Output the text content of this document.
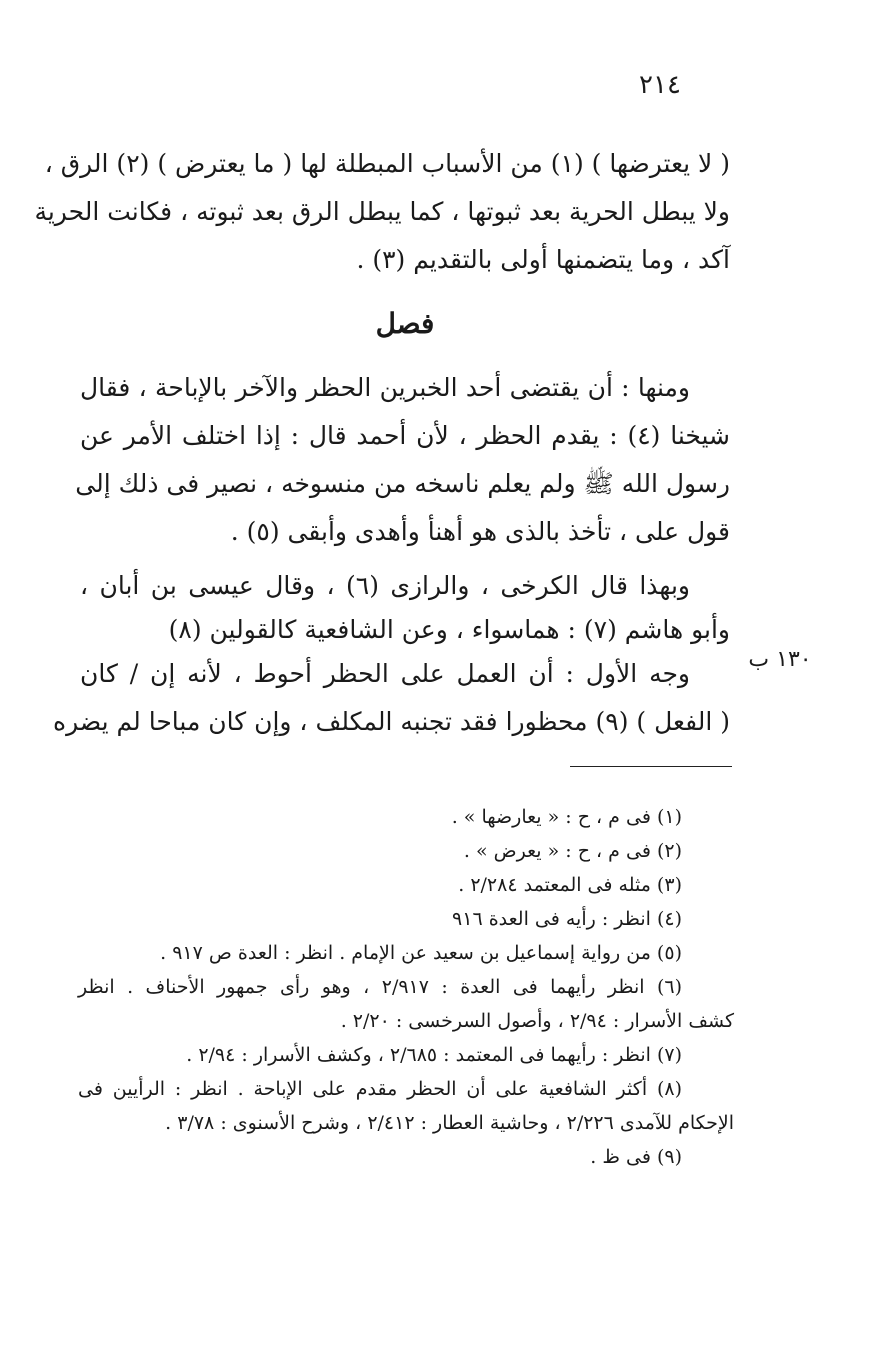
٢١٤
( لا يعترضها ) (١) من الأسباب المبطلة لها ( ما يعترض ) (٢) الرق ،
ولا يبطل الحرية بعد ثبوتها ، كما يبطل الرق بعد ثبوته ، فكانت الحرية
آكد ، وما يتضمنها أولى بالتقديم (٣) .
فصل
ومنها : أن يقتضى أحد الخبرين الحظر والآخر بالإباحة ، فقال
شيخنا (٤) : يقدم الحظر ، لأن أحمد قال : إذا اختلف الأمر عن
رسول الله ﷺ ولم يعلم ناسخه من منسوخه ، نصير فى ذلك إلى
قول على ، تأخذ بالذى هو أهنأ وأهدى وأبقى (٥) .
وبهذا قال الكرخى ، والرازى (٦) ، وقال عيسى بن أبان ،
وأبو هاشم (٧) : هماسواء ، وعن الشافعية كالقولين (٨)
وجه الأول : أن العمل على الحظر أحوط ، لأنه إن / كان
( الفعل ) (٩) محظورا فقد تجنبه المكلف ، وإن كان مباحا لم يضره
١٣٠ ب
(١) فى م ، ح : « يعارضها » .
(٢) فى م ، ح : « يعرض » .
(٣) مثله فى المعتمد ٢/٢٨٤ .
(٤) انظر : رأيه فى العدة ٩١٦
(٥) من رواية إسماعيل بن سعيد عن الإمام . انظر : العدة ص ٩١٧ .
(٦) انظر رأيهما فى العدة : ٢/٩١٧ ، وهو رأى جمهور الأحناف . انظر
كشف الأسرار : ٢/٩٤ ، وأصول السرخسى : ٢/٢٠ .
(٧) انظر : رأيهما فى المعتمد : ٢/٦٨٥ ، وكشف الأسرار : ٢/٩٤ .
(٨) أكثر الشافعية على أن الحظر مقدم على الإباحة . انظر : الرأيين فى
الإحكام للآمدى ٢/٢٢٦ ، وحاشية العطار : ٢/٤١٢ ، وشرح الأسنوى : ٣/٧٨ .
(٩) فى ظ .
